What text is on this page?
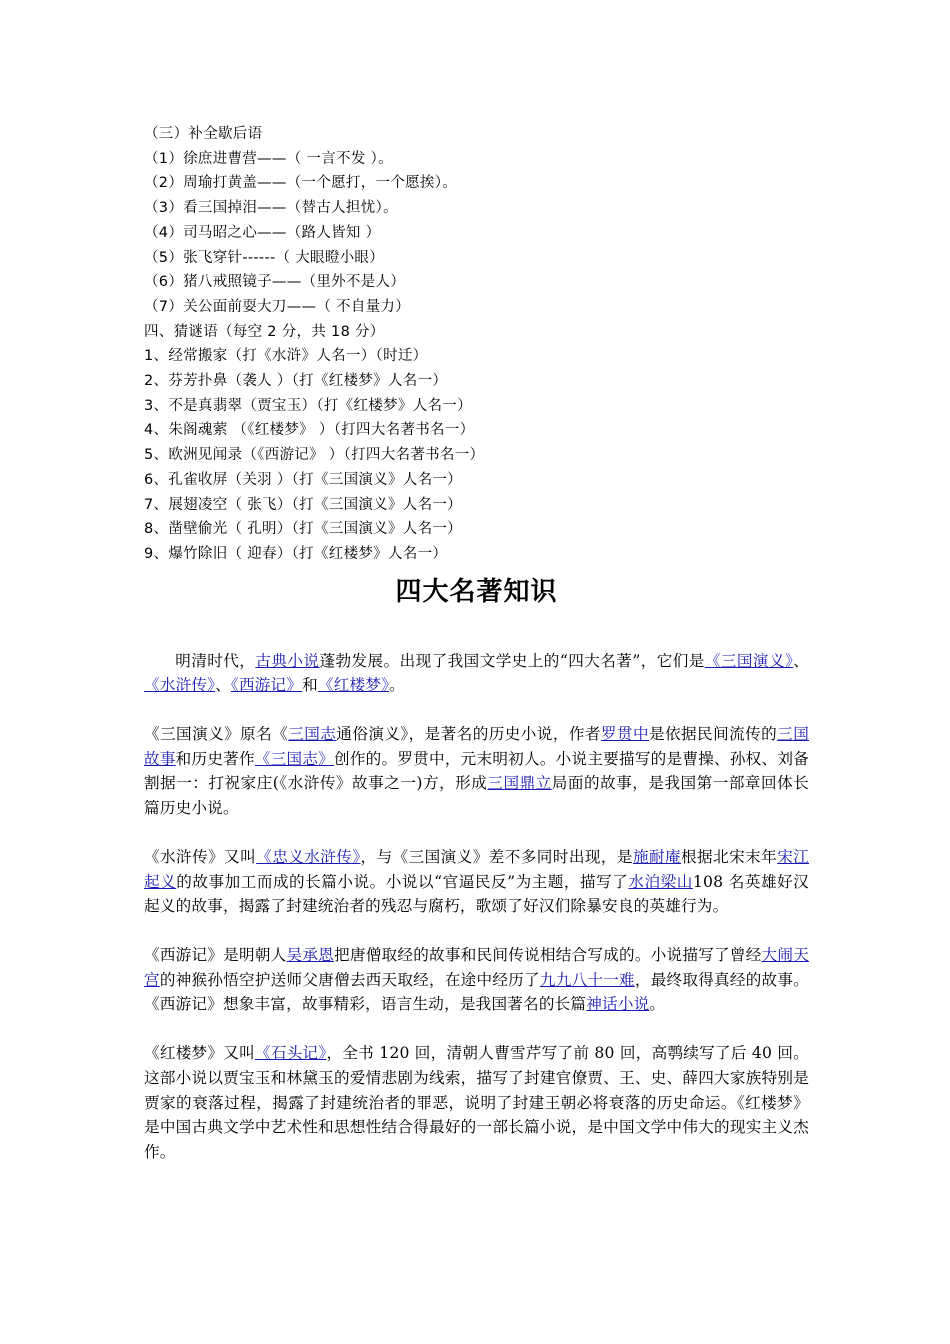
（三）补全歇后语
（1）徐庶进曹营——（ 一言不发 ）。
（2）周瑜打黄盖——（一个愿打，一个愿挨）。
（3）看三国掉泪——（替古人担忧）。
（4）司马昭之心——（路人皆知 ）
（5）张飞穿针------（ 大眼瞪小眼）
（6）猪八戒照镜子——（里外不是人）
（7）关公面前耍大刀——（ 不自量力）
四、猜谜语（每空 2 分，共 18 分）
1、经常搬家（打《水浒》人名一）（时迁）
2、芬芳扑鼻（袭人 ）（打《红楼梦》人名一）
3、不是真翡翠（贾宝玉）（打《红楼梦》人名一）
4、朱阁魂萦 （《红楼梦》 ）（打四大名著书名一）
5、欧洲见闻录（《西游记》 ）（打四大名著书名一）
6、孔雀收屏（关羽 ）（打《三国演义》人名一）
7、展翅凌空（ 张飞）（打《三国演义》人名一）
8、凿壁偷光（ 孔明）（打《三国演义》人名一）
9、爆竹除旧（ 迎春）（打《红楼梦》人名一）
四大名著知识

明清时代，古典小说蓬勃发展。出现了我国文学史上的“四大名著”，它们是《三国演义》、《水浒传》、《西游记》和《红楼梦》。

《三国演义》原名《三国志通俗演义》，是著名的历史小说，作者罗贯中是依据民间流传的三国故事和历史著作《三国志》创作的。罗贯中，元末明初人。小说主要描写的是曹操、孙权、刘备割据一：打祝家庄(《水浒传》故事之一)方，形成三国鼎立局面的故事，是我国第一部章回体长篇历史小说。

《水浒传》又叫《忠义水浒传》，与《三国演义》差不多同时出现，是施耐庵根据北宋末年宋江起义的故事加工而成的长篇小说。小说以“官逼民反”为主题，描写了水泊梁山108 名英雄好汉起义的故事，揭露了封建统治者的残忍与腐朽，歌颂了好汉们除暴安良的英雄行为。

《西游记》是明朝人吴承恩把唐僧取经的故事和民间传说相结合写成的。小说描写了曾经大闹天宫的神猴孙悟空护送师父唐僧去西天取经，在途中经历了九九八十一难，最终取得真经的故事。《西游记》想象丰富，故事精彩，语言生动，是我国著名的长篇神话小说。

《红楼梦》又叫《石头记》，全书 120 回，清朝人曹雪芹写了前 80 回，高鹗续写了后 40 回。这部小说以贾宝玉和林黛玉的爱情悲剧为线索，描写了封建官僚贾、王、史、薛四大家族特别是贾家的衰落过程，揭露了封建统治者的罪恶，说明了封建王朝必将衰落的历史命运。《红楼梦》是中国古典文学中艺术性和思想性结合得最好的一部长篇小说，是中国文学中伟大的现实主义杰作。
